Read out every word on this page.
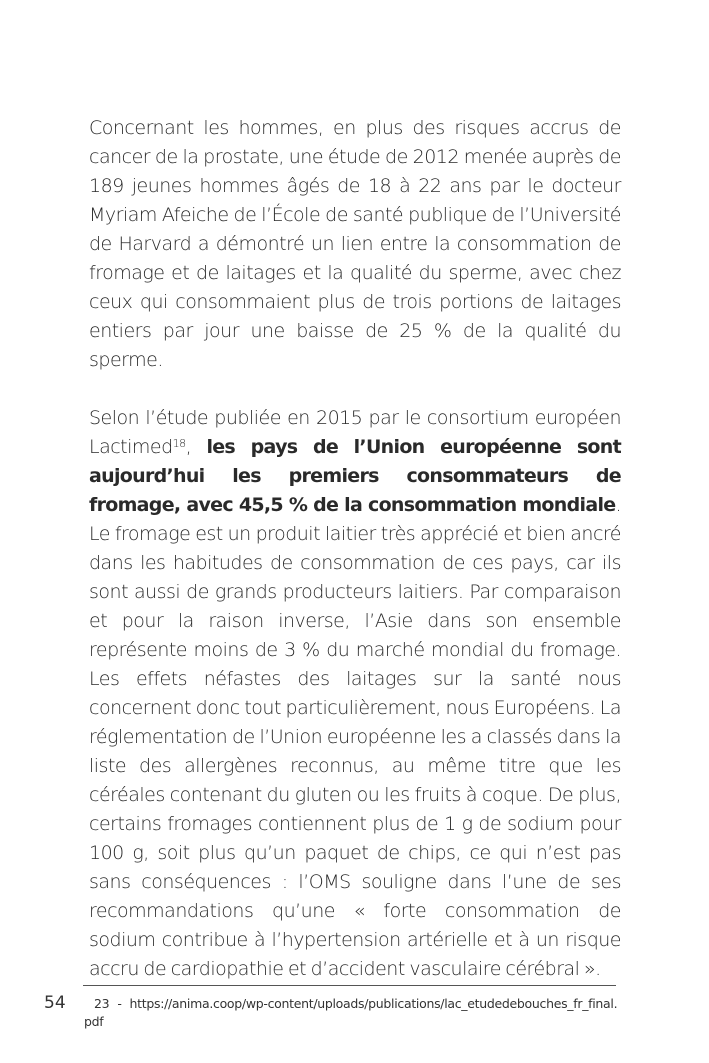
Concernant les hommes, en plus des risques accrus de cancer de la prostate, une étude de 2012 menée auprès de 189 jeunes hommes âgés de 18 à 22 ans par le docteur Myriam Afeiche de l’École de santé publique de l’Université de Harvard a démontré un lien entre la consommation de fromage et de laitages et la qualité du sperme, avec chez ceux qui consommaient plus de trois portions de laitages entiers par jour une baisse de 25 % de la qualité du sperme.

Selon l’étude publiée en 2015 par le consortium européen Lactimed$^{18}$, les pays de l’Union européenne sont aujourd’hui les premiers consommateurs de fromage, avec 45,5 % de la consommation mondiale. Le fromage est un produit laitier très apprécié et bien ancré dans les habitudes de consommation de ces pays, car ils sont aussi de grands producteurs laitiers. Par comparaison et pour la raison inverse, l’Asie dans son ensemble représente moins de 3 % du marché mondial du fromage. Les effets néfastes des laitages sur la santé nous concernent donc tout particulièrement, nous Européens. La réglementation de l’Union européenne les a classés dans la liste des allergènes reconnus, au même titre que les céréales contenant du gluten ou les fruits à coque. De plus, certains fromages contiennent plus de 1 g de sodium pour 100 g, soit plus qu’un paquet de chips, ce qui n’est pas sans conséquences : l’OMS souligne dans l’une de ses recommandations qu’une « forte consommation de sodium contribue à l’hypertension artérielle et à un risque accru de cardiopathie et d’accident vasculaire cérébral ».

54	23 - https://anima.coop/wp-content/uploads/publications/lac_etudedebouches_fr_final.pdf
